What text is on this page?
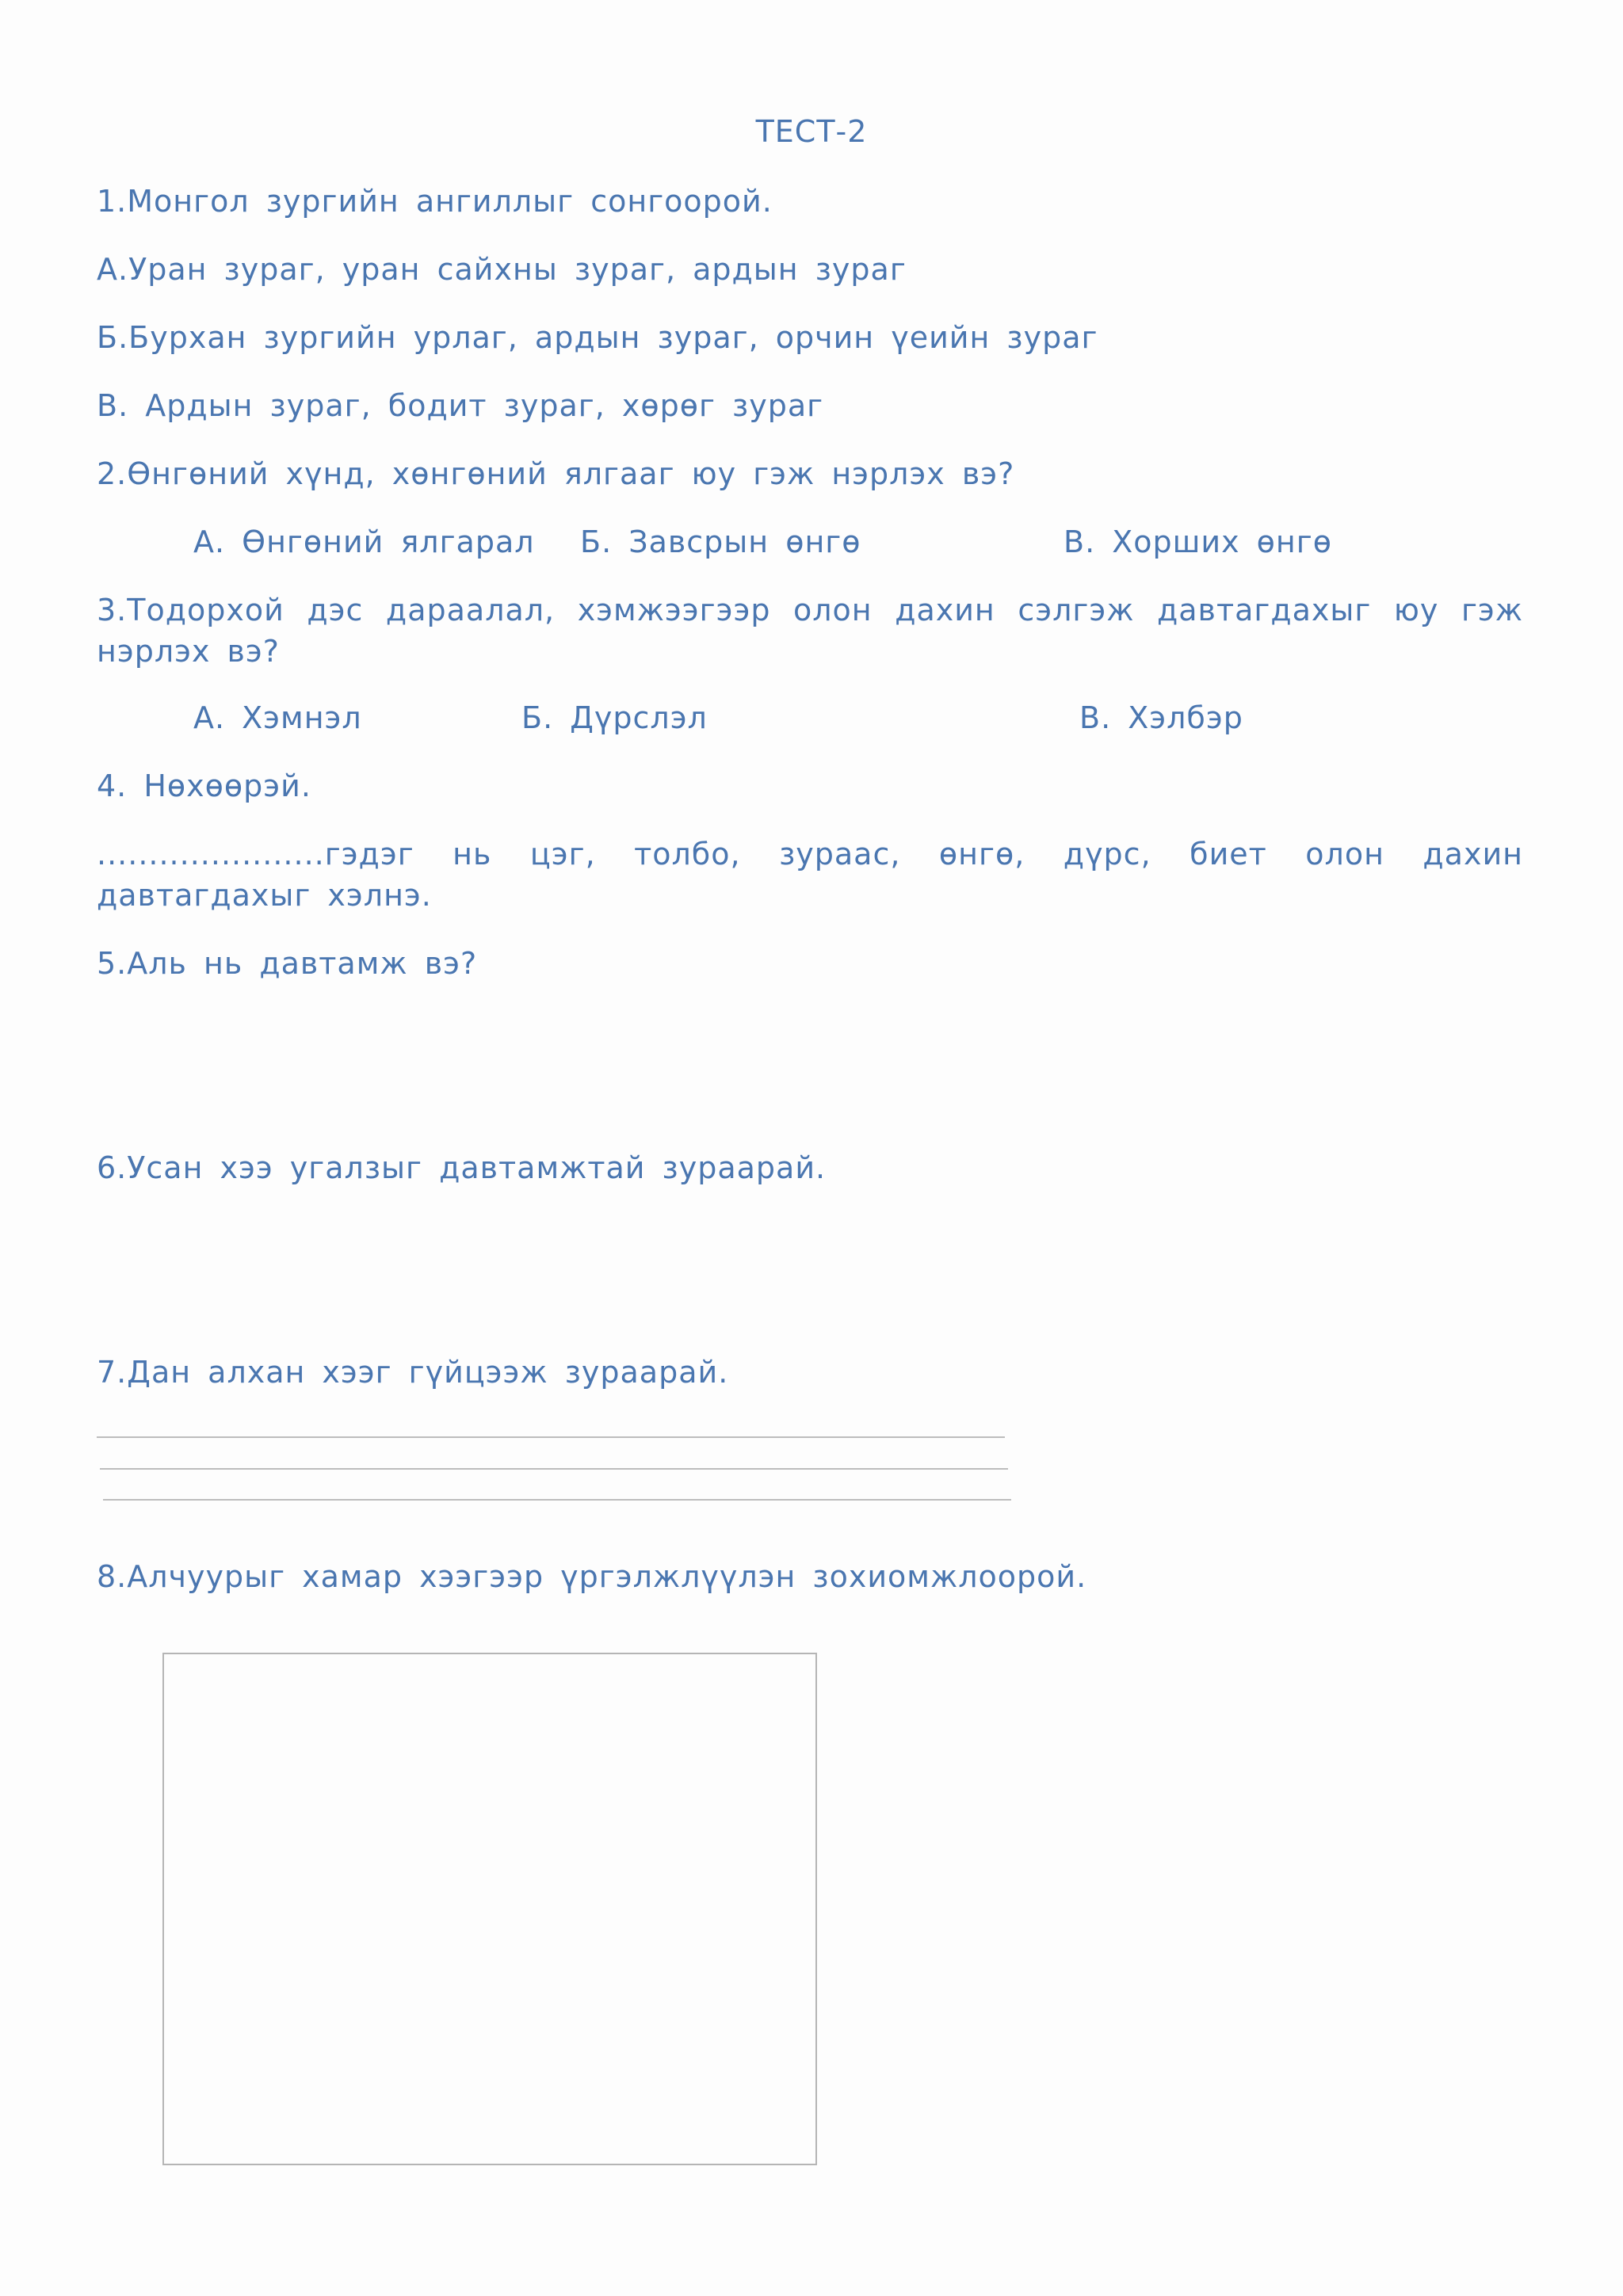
ТЕСТ-2
1.Монгол зургийн ангиллыг сонгоорой.
А.Уран зураг, уран сайхны зураг, ардын зураг
Б.Бурхан зургийн урлаг, ардын зураг, орчин үеийн зураг
В. Ардын зураг, бодит зураг, хөрөг зураг
2.Өнгөний хүнд, хөнгөний ялгааг юу гэж нэрлэх вэ?
А. Өнгөний ялгарал Б. Завсрын өнгө	В. Хорших өнгө
3.Тодорхой дэс дараалал, хэмжээгээр олон дахин сэлгэж давтагдахыг юу гэж нэрлэх вэ?
А. Хэмнэл	Б. Дүрслэл	В. Хэлбэр
4. Нөхөөрэй.
......................гэдэг нь цэг, толбо, зураас, өнгө, дүрс, биет олон дахин давтагдахыг хэлнэ.
5.Аль нь давтамж вэ?
6.Усан хээ угалзыг давтамжтай зураарай.
7.Дан алхан хээг гүйцээж зураарай.
8.Алчуурыг хамар хээгээр үргэлжлүүлэн зохиомжлоорой.
